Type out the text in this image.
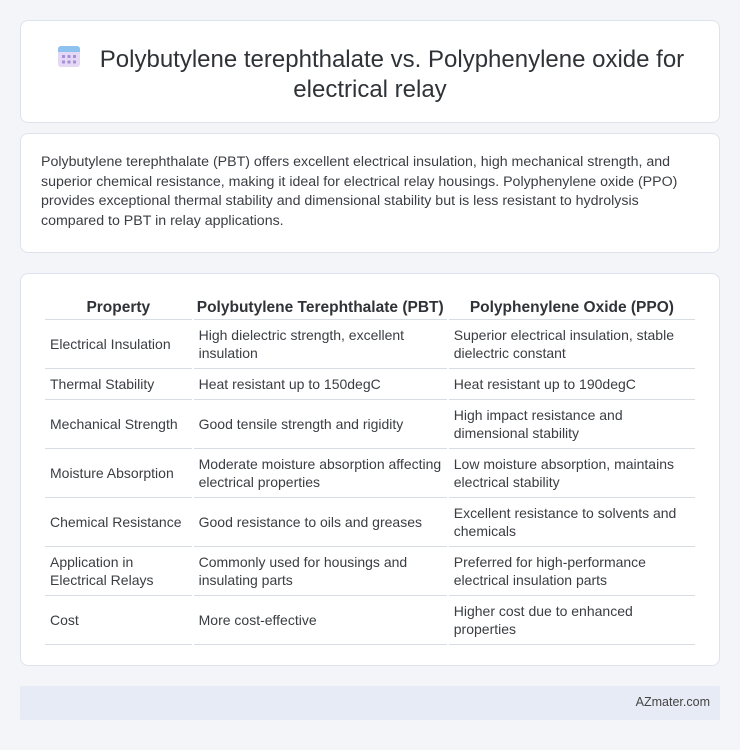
Polybutylene terephthalate vs. Polyphenylene oxide for electrical relay

Polybutylene terephthalate (PBT) offers excellent electrical insulation, high mechanical strength, and superior chemical resistance, making it ideal for electrical relay housings. Polyphenylene oxide (PPO) provides exceptional thermal stability and dimensional stability but is less resistant to hydrolysis compared to PBT in relay applications.

Property	Polybutylene Terephthalate (PBT)	Polyphenylene Oxide (PPO)
Electrical Insulation	High dielectric strength, excellent insulation	Superior electrical insulation, stable dielectric constant
Thermal Stability	Heat resistant up to 150degC	Heat resistant up to 190degC
Mechanical Strength	Good tensile strength and rigidity	High impact resistance and dimensional stability
Moisture Absorption	Moderate moisture absorption affecting electrical properties	Low moisture absorption, maintains electrical stability
Chemical Resistance	Good resistance to oils and greases	Excellent resistance to solvents and chemicals
Application in Electrical Relays	Commonly used for housings and insulating parts	Preferred for high-performance electrical insulation parts
Cost	More cost-effective	Higher cost due to enhanced properties
AZmater.com
